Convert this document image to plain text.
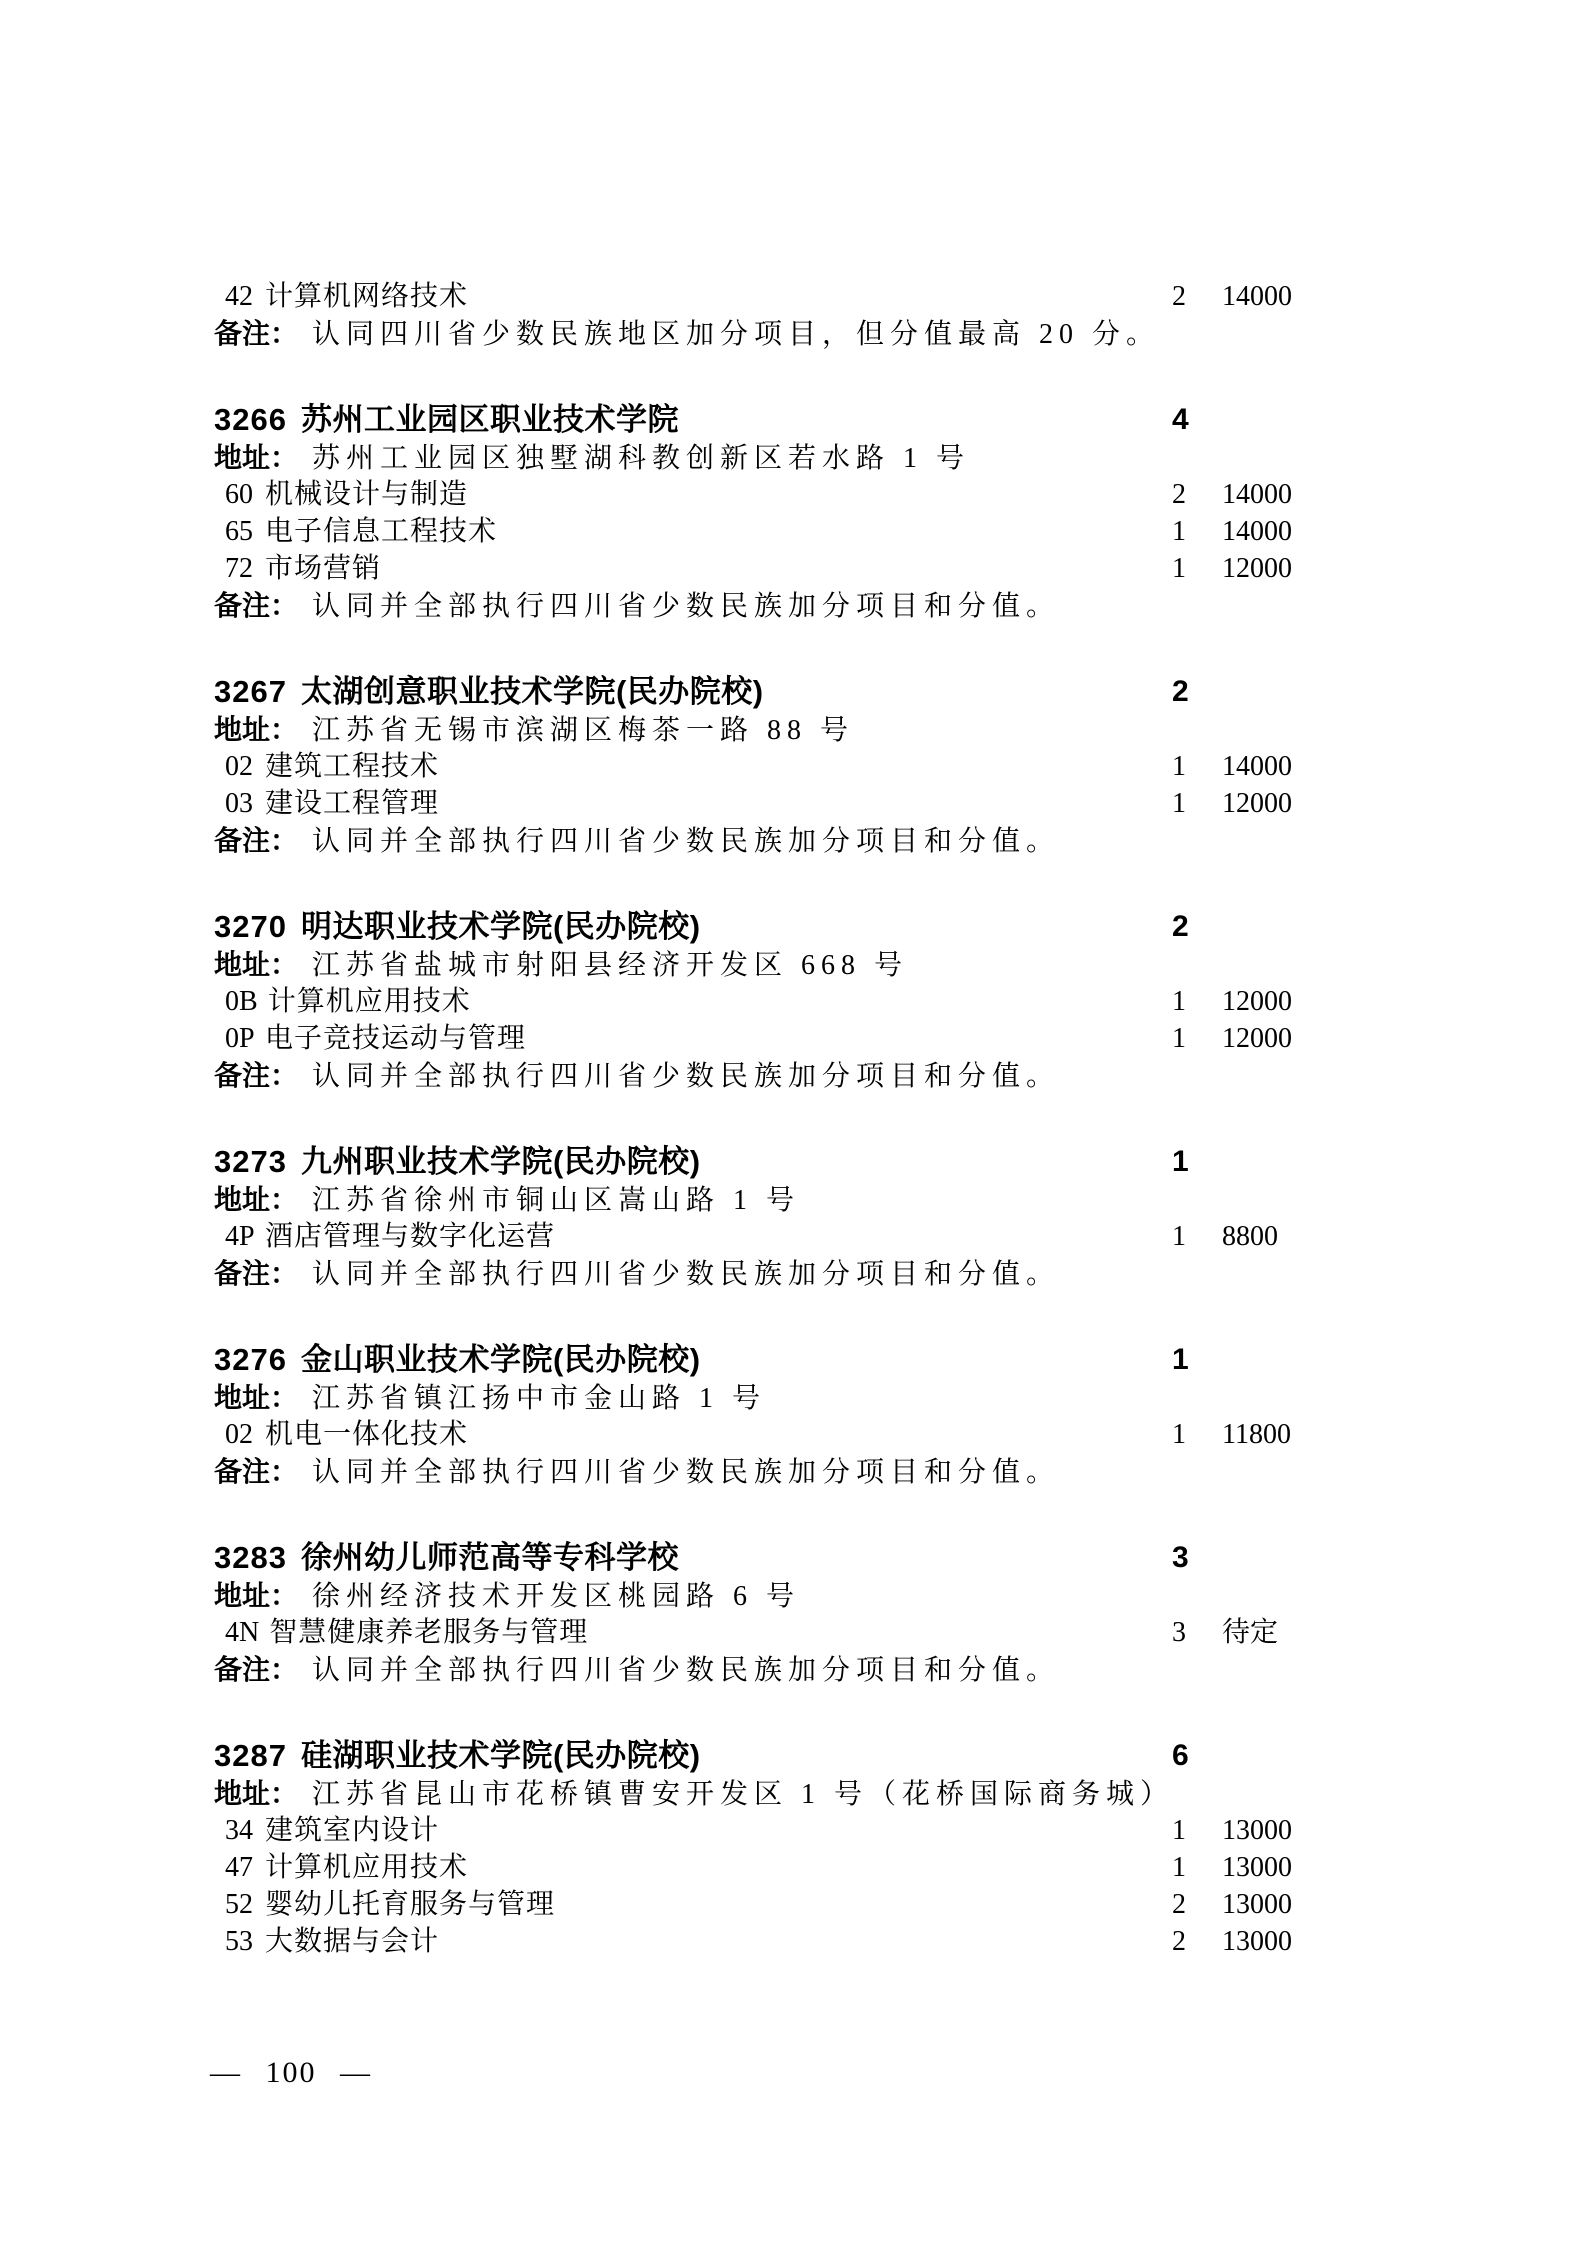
42 计算机网络技术	2 14000
备注： 认同四川省少数民族地区加分项目，但分值最高 20 分。
3266 苏州工业园区职业技术学院	4
地址： 苏州工业园区独墅湖科教创新区若水路 1 号
60 机械设计与制造	2 14000
65 电子信息工程技术	1 14000
72 市场营销	1 12000
备注： 认同并全部执行四川省少数民族加分项目和分值。
3267 太湖创意职业技术学院(民办院校)	2
地址： 江苏省无锡市滨湖区梅茶一路 88 号
02 建筑工程技术	1 14000
03 建设工程管理	1 12000
备注： 认同并全部执行四川省少数民族加分项目和分值。
3270 明达职业技术学院(民办院校)	2
地址： 江苏省盐城市射阳县经济开发区 668 号
0B 计算机应用技术	1 12000
0P 电子竞技运动与管理	1 12000
备注： 认同并全部执行四川省少数民族加分项目和分值。
3273 九州职业技术学院(民办院校)	1
地址： 江苏省徐州市铜山区嵩山路 1 号
4P 酒店管理与数字化运营	1 8800
备注： 认同并全部执行四川省少数民族加分项目和分值。
3276 金山职业技术学院(民办院校)	1
地址： 江苏省镇江扬中市金山路 1 号
02 机电一体化技术	1 11800
备注： 认同并全部执行四川省少数民族加分项目和分值。
3283 徐州幼儿师范高等专科学校	3
地址： 徐州经济技术开发区桃园路 6 号
4N 智慧健康养老服务与管理	3 待定
备注： 认同并全部执行四川省少数民族加分项目和分值。
3287 硅湖职业技术学院(民办院校)	6
地址： 江苏省昆山市花桥镇曹安开发区 1 号（花桥国际商务城）
34 建筑室内设计	1 13000
47 计算机应用技术	1 13000
52 婴幼儿托育服务与管理	2 13000
53 大数据与会计	2 13000
— 100 —
